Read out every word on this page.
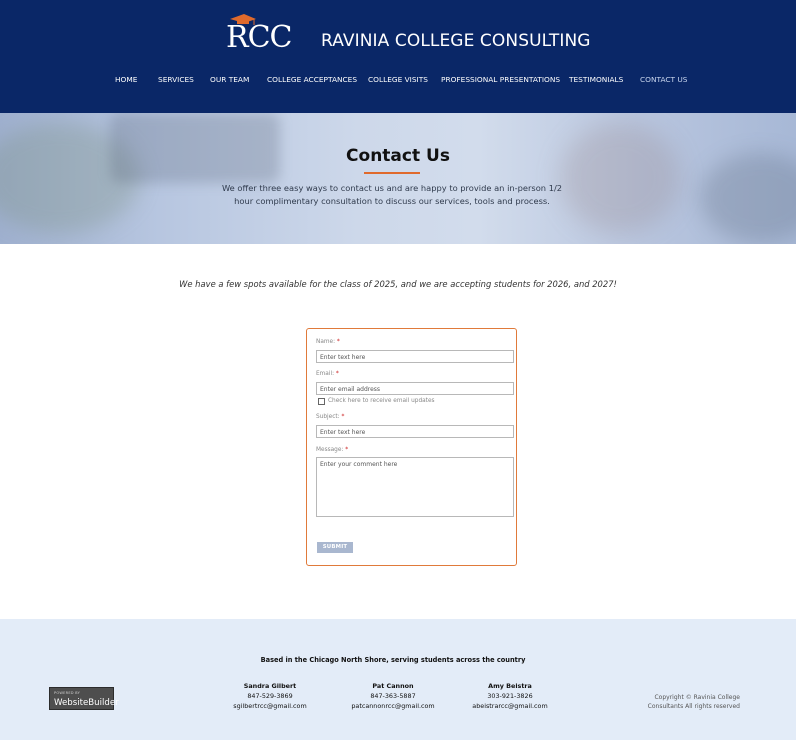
RCC RAVINIA COLLEGE CONSULTING
HOME	SERVICES OUR TEAM COLLEGE ACCEPTANCES COLLEGE VISITS PROFESSIONAL PRESENTATIONS TESTIMONIALS CONTACT US
Contact Us
We offer three easy ways to contact us and are happy to provide an in-person 1/2 hour complimentary consultation to discuss our services, tools and process.
We have a few spots available for the class of 2025, and we are accepting students for 2026, and 2027!
Name: *
Enter text here
Email: *
Enter email address
Check here to receive email updates
Subject: *
Enter text here
Message: *
Enter your comment here
SUBMIT
Based in the Chicago North Shore, serving students across the country
POWERED BY
WebsiteBuilder
Sandra Gilbert
847-529-3869
sgilbertrcc@gmail.com
Pat Cannon
847-363-5887
patcannonrcc@gmail.com
Amy Beistra
303-921-3826
abeistrarcc@gmail.com
Copyright © Ravinia College
Consultants All rights reserved
